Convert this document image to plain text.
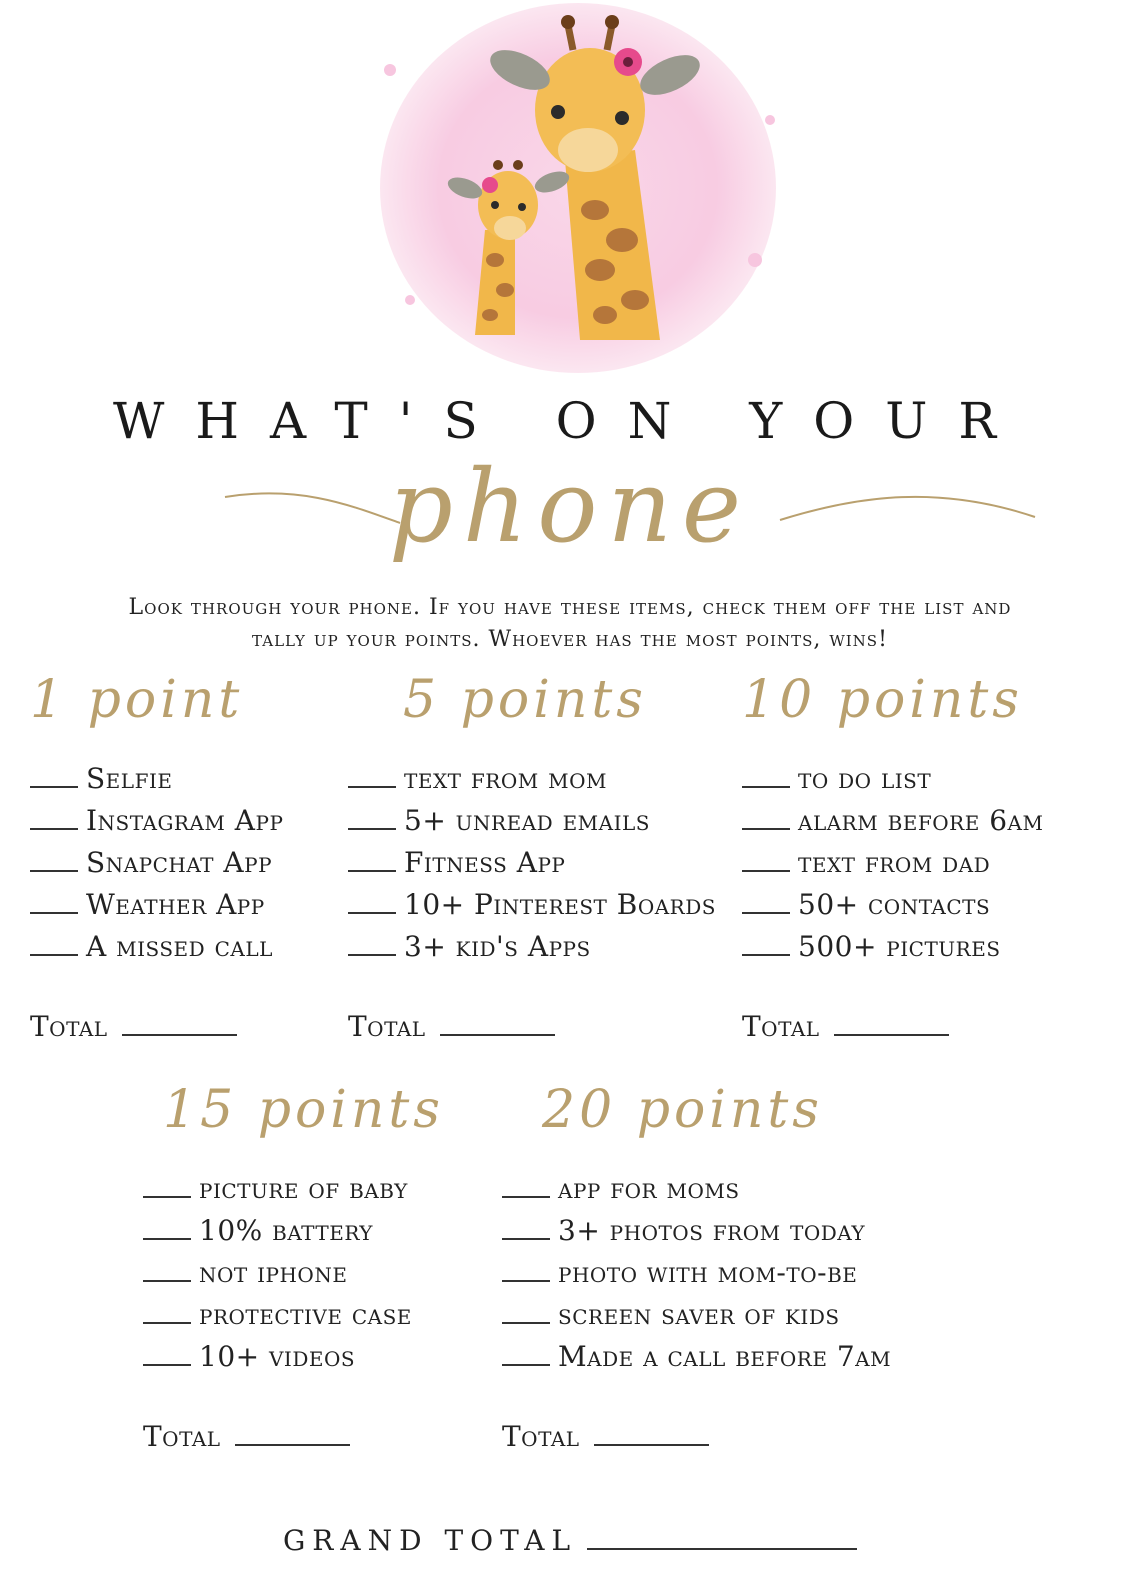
WHAT'S ON YOUR
phone
Look through your phone. If you have these items, check them off the list and
tally up your points. Whoever has the most points, wins!
1 point
Selfie
Instagram App
Snapchat App
Weather App
A missed call
Total
5 points
text from mom
5+ unread emails
Fitness App
10+ Pinterest Boards
3+ kid's Apps
Total
10 points
to do list
alarm before 6am
text from dad
50+ contacts
500+ pictures
Total
15 points
picture of baby
10% battery
not iphone
protective case
10+ videos
Total
20 points
app for moms
3+ photos from today
photo with mom-to-be
screen saver of kids
Made a call before 7am
Total
GRAND TOTAL
